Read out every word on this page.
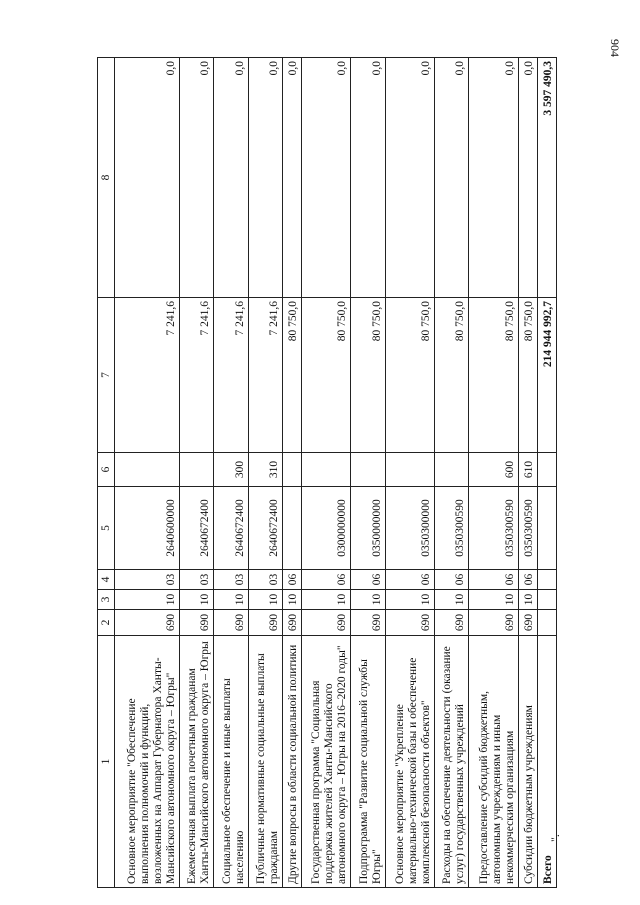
904
1	2	3	4	5	6	7	8
Основное мероприятие "Обеспечение выполнения полномочий и функций, возложенных на Аппарат Губернатора Ханты-Мансийского автономного округа – Югры"	690	10	03	2640600000		7 241,6	0,0
Ежемесячная выплата почетным гражданам Ханты-Мансийского автономного округа – Югры	690	10	03	2640672400		7 241,6	0,0
Социальное обеспечение и иные выплаты населению	690	10	03	2640672400	300	7 241,6	0,0
Публичные нормативные социальные выплаты гражданам	690	10	03	2640672400	310	7 241,6	0,0
Другие вопросы в области социальной политики	690	10	06			80 750,0	0,0
Государственная программа "Социальная поддержка жителей Ханты-Мансийского автономного округа – Югры на 2016–2020 годы"	690	10	06	0300000000		80 750,0	0,0
Подпрограмма "Развитие социальной службы Югры"	690	10	06	0350000000		80 750,0	0,0
Основное мероприятие "Укрепление материально-технической базы и обеспечение комплексной безопасности объектов"	690	10	06	0350300000		80 750,0	0,0
Расходы на обеспечение деятельности (оказание услуг) государственных учреждений	690	10	06	0350300590		80 750,0	0,0
Предоставление субсидий бюджетным, автономным учреждениям и иным некоммерческим организациям	690	10	06	0350300590	600	80 750,0	0,0
Субсидии бюджетным учреждениям	690	10	06	0350300590	610	80 750,0	0,0
Всего						214 944 992,7	3 597 490,3
".
